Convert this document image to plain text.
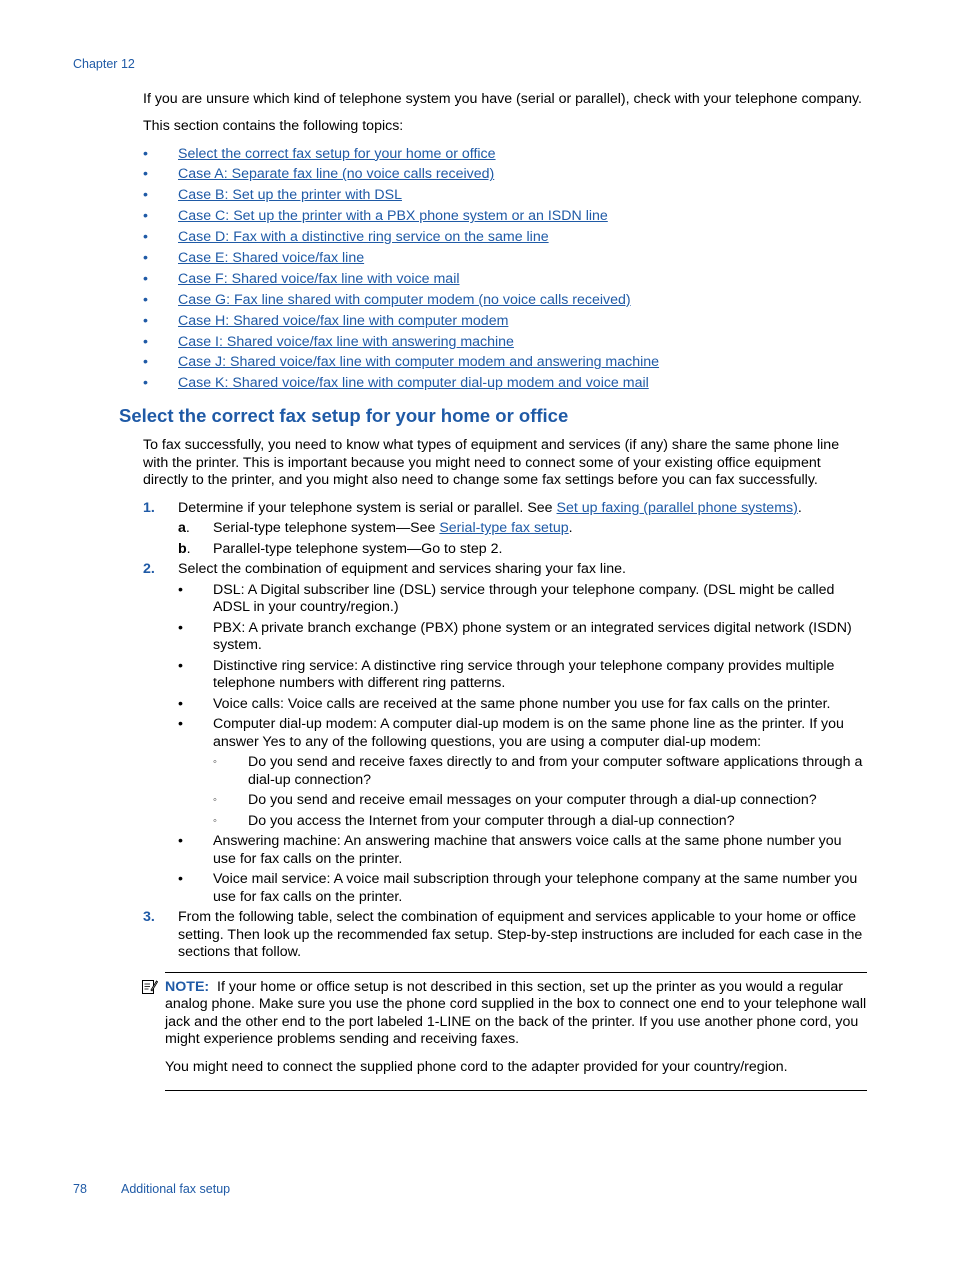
Chapter 12

If you are unsure which kind of telephone system you have (serial or parallel), check with your telephone company.

This section contains the following topics:

• Select the correct fax setup for your home or office
• Case A: Separate fax line (no voice calls received)
• Case B: Set up the printer with DSL
• Case C: Set up the printer with a PBX phone system or an ISDN line
• Case D: Fax with a distinctive ring service on the same line
• Case E: Shared voice/fax line
• Case F: Shared voice/fax line with voice mail
• Case G: Fax line shared with computer modem (no voice calls received)
• Case H: Shared voice/fax line with computer modem
• Case I: Shared voice/fax line with answering machine
• Case J: Shared voice/fax line with computer modem and answering machine
• Case K: Shared voice/fax line with computer dial-up modem and voice mail
Select the correct fax setup for your home or office

To fax successfully, you need to know what types of equipment and services (if any) share the same phone line with the printer. This is important because you might need to connect some of your existing office equipment directly to the printer, and you might also need to change some fax settings before you can fax successfully.

1. Determine if your telephone system is serial or parallel. See Set up faxing (parallel phone systems).
a. Serial-type telephone system—See Serial-type fax setup.
b. Parallel-type telephone system—Go to step 2.
2. Select the combination of equipment and services sharing your fax line.
• DSL: A Digital subscriber line (DSL) service through your telephone company. (DSL might be called ADSL in your country/region.)
• PBX: A private branch exchange (PBX) phone system or an integrated services digital network (ISDN) system.
• Distinctive ring service: A distinctive ring service through your telephone company provides multiple telephone numbers with different ring patterns.
• Voice calls: Voice calls are received at the same phone number you use for fax calls on the printer.
• Computer dial-up modem: A computer dial-up modem is on the same phone line as the printer. If you answer Yes to any of the following questions, you are using a computer dial-up modem:
◦ Do you send and receive faxes directly to and from your computer software applications through a dial-up connection?
◦ Do you send and receive email messages on your computer through a dial-up connection?
◦ Do you access the Internet from your computer through a dial-up connection?
• Answering machine: An answering machine that answers voice calls at the same phone number you use for fax calls on the printer.
• Voice mail service: A voice mail subscription through your telephone company at the same number you use for fax calls on the printer.
3. From the following table, select the combination of equipment and services applicable to your home or office setting. Then look up the recommended fax setup. Step-by-step instructions are included for each case in the sections that follow.

NOTE: If your home or office setup is not described in this section, set up the printer as you would a regular analog phone. Make sure you use the phone cord supplied in the box to connect one end to your telephone wall jack and the other end to the port labeled 1-LINE on the back of the printer. If you use another phone cord, you might experience problems sending and receiving faxes.

You might need to connect the supplied phone cord to the adapter provided for your country/region.

78	Additional fax setup
